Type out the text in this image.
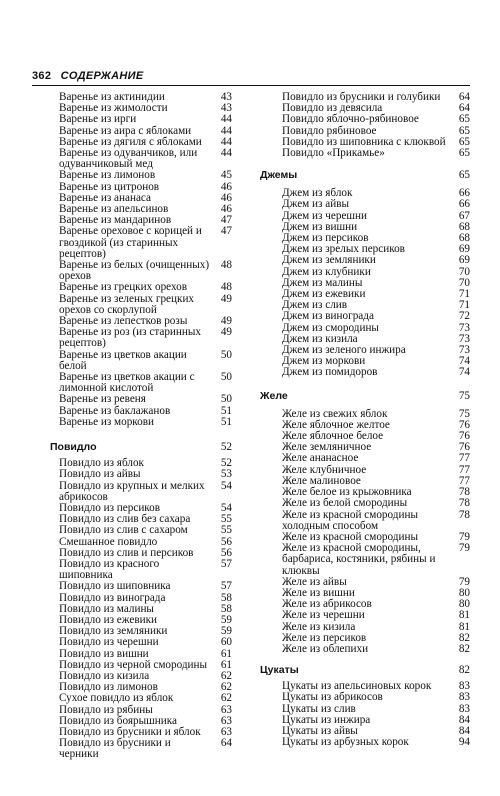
362 СОДЕРЖАНИЕ
Варенье из актинидии	43
Варенье из жимолости	43
Варенье из ирги	44
Варенье из аира с яблоками	44
Варенье из дягиля с яблоками	44
Варенье из одуванчиков, или одуванчиковый мед
44
Варенье из лимонов	45
Варенье из цитронов	46
Варенье из ананаса	46
Варенье из апельсинов	46
Варенье из мандаринов	47
Варенье ореховое с корицей и гвоздикой (из старинных рецептов)
47
Варенье из белых (очищенных) орехов
48
Варенье из грецких орехов	48
Варенье из зеленых грецких орехов со скорлупой
49
Варенье из лепестков розы	49
Варенье из роз (из старинных рецептов)
49
Варенье из цветков акации белой
50
Варенье из цветков акации с лимонной кислотой
50
Варенье из ревеня	50
Варенье из баклажанов	51
Варенье из моркови	51
Повидло	52
Повидло из яблок	52
Повидло из айвы	53
Повидло из крупных и мелких абрикосов
54
Повидло из персиков	54
Повидло из слив без сахара	55
Повидло из слив с сахаром	55
Смешанное повидло	56
Повидло из слив и персиков	56
Повидло из красного шиповника
57
Повидло из шиповника	57
Повидло из винограда	58
Повидло из малины	58
Повидло из ежевики	59
Повидло из земляники	59
Повидло из черешни	60
Повидло из вишни	61
Повидло из черной смородины	61
Повидло из кизила	62
Повидло из лимонов	62
Сухое повидло из яблок	62
Повидло из рябины	63
Повидло из боярышника	63
Повидло из брусники и яблок	63
Повидло из брусники и черники
64
Повидло из брусники и голубики	64
Повидло из девясила	64
Повидло яблочно-рябиновое	65
Повидло рябиновое	65
Повидло из шиповника с клюквой	65
Повидло «Прикамье»	65
Джемы	65
Джем из яблок	66
Джем из айвы	66
Джем из черешни	67
Джем из вишни	68
Джем из персиков	68
Джем из зрелых персиков	69
Джем из земляники	69
Джем из клубники	70
Джем из малины	70
Джем из ежевики	71
Джем из слив	71
Джем из винограда	72
Джем из смородины	73
Джем из кизила	73
Джем из зеленого инжира	73
Джем из моркови	74
Джем из помидоров	74
Желе	75
Желе из свежих яблок	75
Желе яблочное желтое	76
Желе яблочное белое	76
Желе земляничное	76
Желе ананасное	77
Желе клубничное	77
Желе малиновое	77
Желе белое из крыжовника	78
Желе из белой смородины	78
Желе из красной смородины холодным способом
78
Желе из красной смородины	79
Желе из красной смородины, барбариса, костяники, рябины и клюквы
79
Желе из айвы	79
Желе из вишни	80
Желе из абрикосов	80
Желе из черешни	81
Желе из кизила	81
Желе из персиков	82
Желе из облепихи	82
Цукаты	82
Цукаты из апельсиновых корок	83
Цукаты из абрикосов	83
Цукаты из слив	83
Цукаты из инжира	84
Цукаты из айвы	84
Цукаты из арбузных корок	94
